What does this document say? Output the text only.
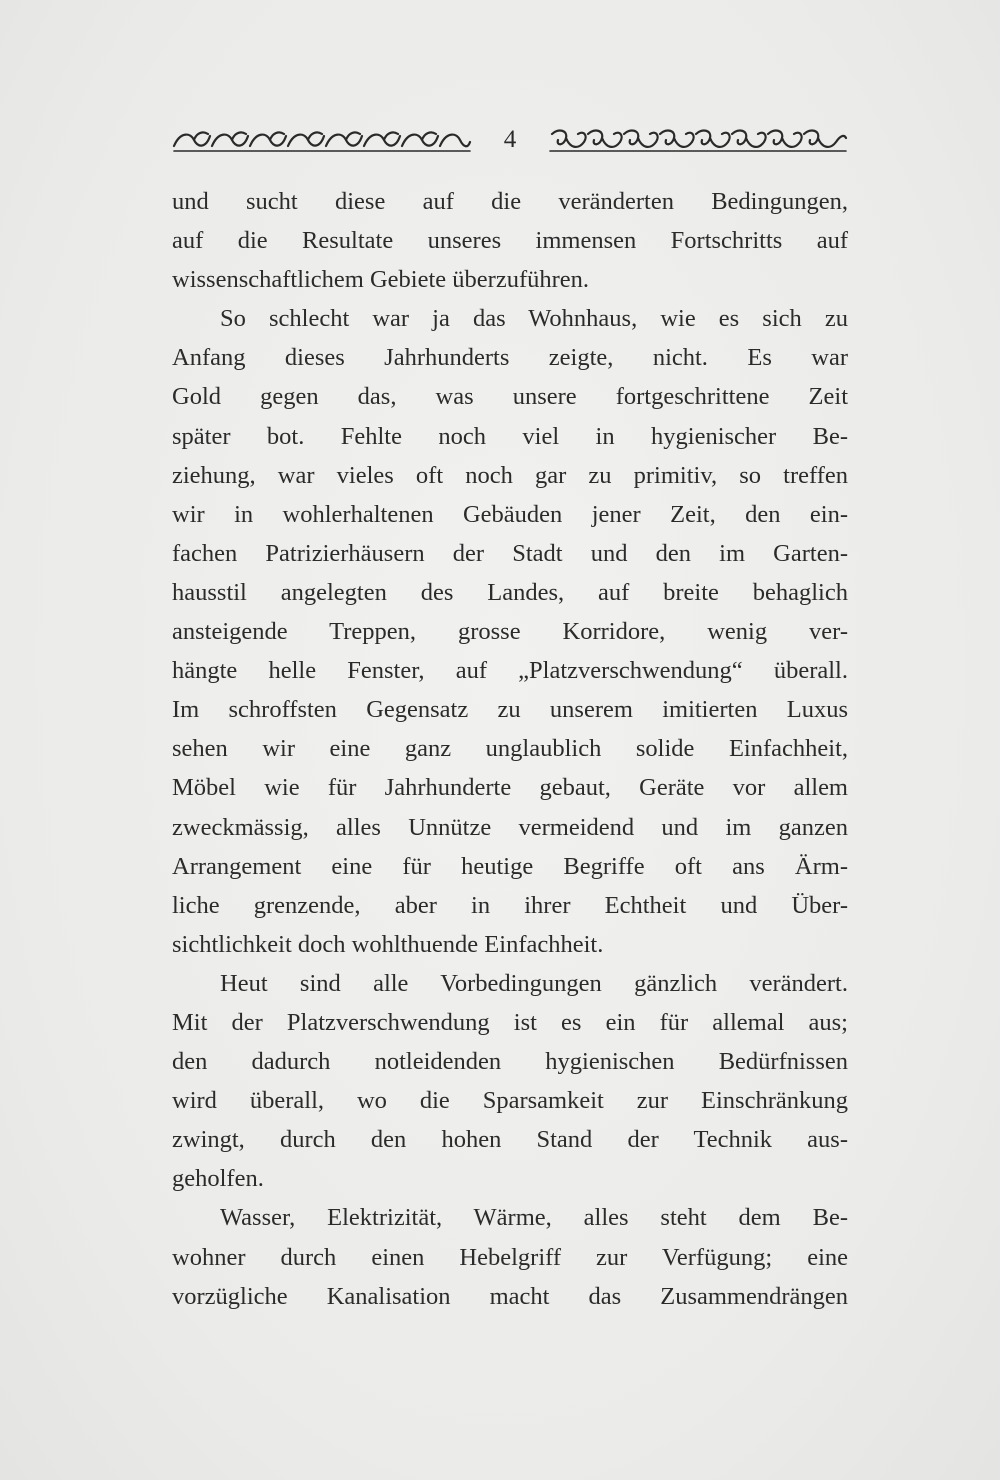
4
und sucht diese auf die veränderten Bedingungen,
auf die Resultate unseres immensen Fortschritts auf
wissenschaftlichem Gebiete überzuführen.
So schlecht war ja das Wohnhaus, wie es sich zu
Anfang dieses Jahrhunderts zeigte, nicht. Es war
Gold gegen das, was unsere fortgeschrittene Zeit
später bot. Fehlte noch viel in hygienischer Be-
ziehung, war vieles oft noch gar zu primitiv, so treffen
wir in wohlerhaltenen Gebäuden jener Zeit, den ein-
fachen Patrizierhäusern der Stadt und den im Garten-
hausstil angelegten des Landes, auf breite behaglich
ansteigende Treppen, grosse Korridore, wenig ver-
hängte helle Fenster, auf „Platzverschwendung“ überall.
Im schroffsten Gegensatz zu unserem imitierten Luxus
sehen wir eine ganz unglaublich solide Einfachheit,
Möbel wie für Jahrhunderte gebaut, Geräte vor allem
zweckmässig, alles Unnütze vermeidend und im ganzen
Arrangement eine für heutige Begriffe oft ans Ärm-
liche grenzende, aber in ihrer Echtheit und Über-
sichtlichkeit doch wohlthuende Einfachheit.
Heut sind alle Vorbedingungen gänzlich verändert.
Mit der Platzverschwendung ist es ein für allemal aus;
den dadurch notleidenden hygienischen Bedürfnissen
wird überall, wo die Sparsamkeit zur Einschränkung
zwingt, durch den hohen Stand der Technik aus-
geholfen.
Wasser, Elektrizität, Wärme, alles steht dem Be-
wohner durch einen Hebelgriff zur Verfügung; eine
vorzügliche Kanalisation macht das Zusammendrängen
